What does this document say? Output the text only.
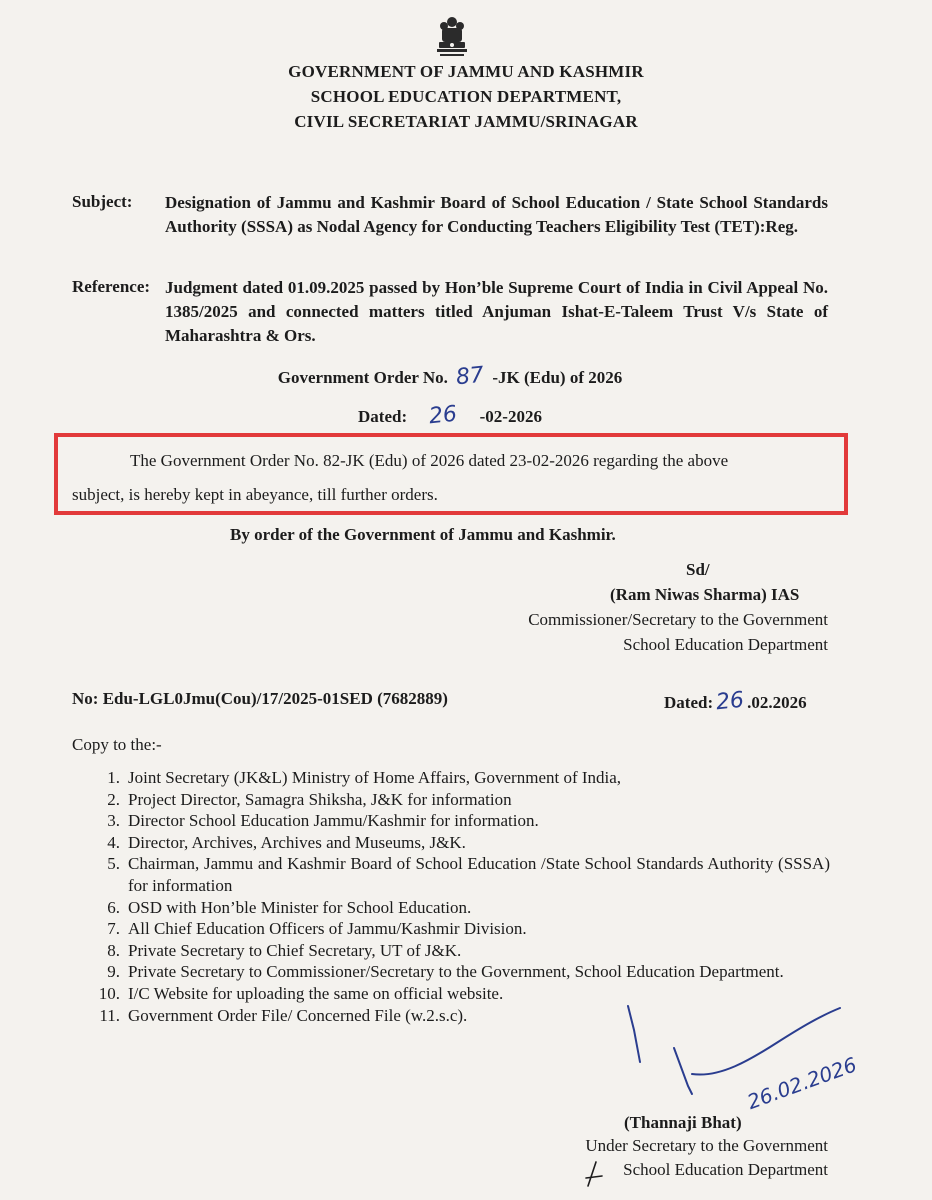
GOVERNMENT OF JAMMU AND KASHMIR
SCHOOL EDUCATION DEPARTMENT,
CIVIL SECRETARIAT JAMMU/SRINAGAR
Subject: Designation of Jammu and Kashmir Board of School Education / State School Standards Authority (SSSA) as Nodal Agency for Conducting Teachers Eligibility Test (TET):Reg.
Reference: Judgment dated 01.09.2025 passed by Hon’ble Supreme Court of India in Civil Appeal No. 1385/2025 and connected matters titled Anjuman Ishat-E-Taleem Trust V/s State of Maharashtra & Ors.
Government Order No. 87 -JK (Edu) of 2026
Dated: 26 -02-2026
The Government Order No. 82-JK (Edu) of 2026 dated 23-02-2026 regarding the above
subject, is hereby kept in abeyance, till further orders.
By order of the Government of Jammu and Kashmir.
Sd/
(Ram Niwas Sharma) IAS
Commissioner/Secretary to the Government
School Education Department
No: Edu-LGL0Jmu(Cou)/17/2025-01SED (7682889)	Dated:26 .02.2026
Copy to the:-
1. Joint Secretary (JK&L) Ministry of Home Affairs, Government of India,
2. Project Director, Samagra Shiksha, J&K for information
3. Director School Education Jammu/Kashmir for information.
4. Director, Archives, Archives and Museums, J&K.
5. Chairman, Jammu and Kashmir Board of School Education /State School Standards Authority (SSSA) for information
6. OSD with Hon’ble Minister for School Education.
7. All Chief Education Officers of Jammu/Kashmir Division.
8. Private Secretary to Chief Secretary, UT of J&K.
9. Private Secretary to Commissioner/Secretary to the Government, School Education Department.
10. I/C Website for uploading the same on official website.
11. Government Order File/ Concerned File (w.2.s.c).
26.02.2026
(Thannaji Bhat)
Under Secretary to the Government
School Education Department
